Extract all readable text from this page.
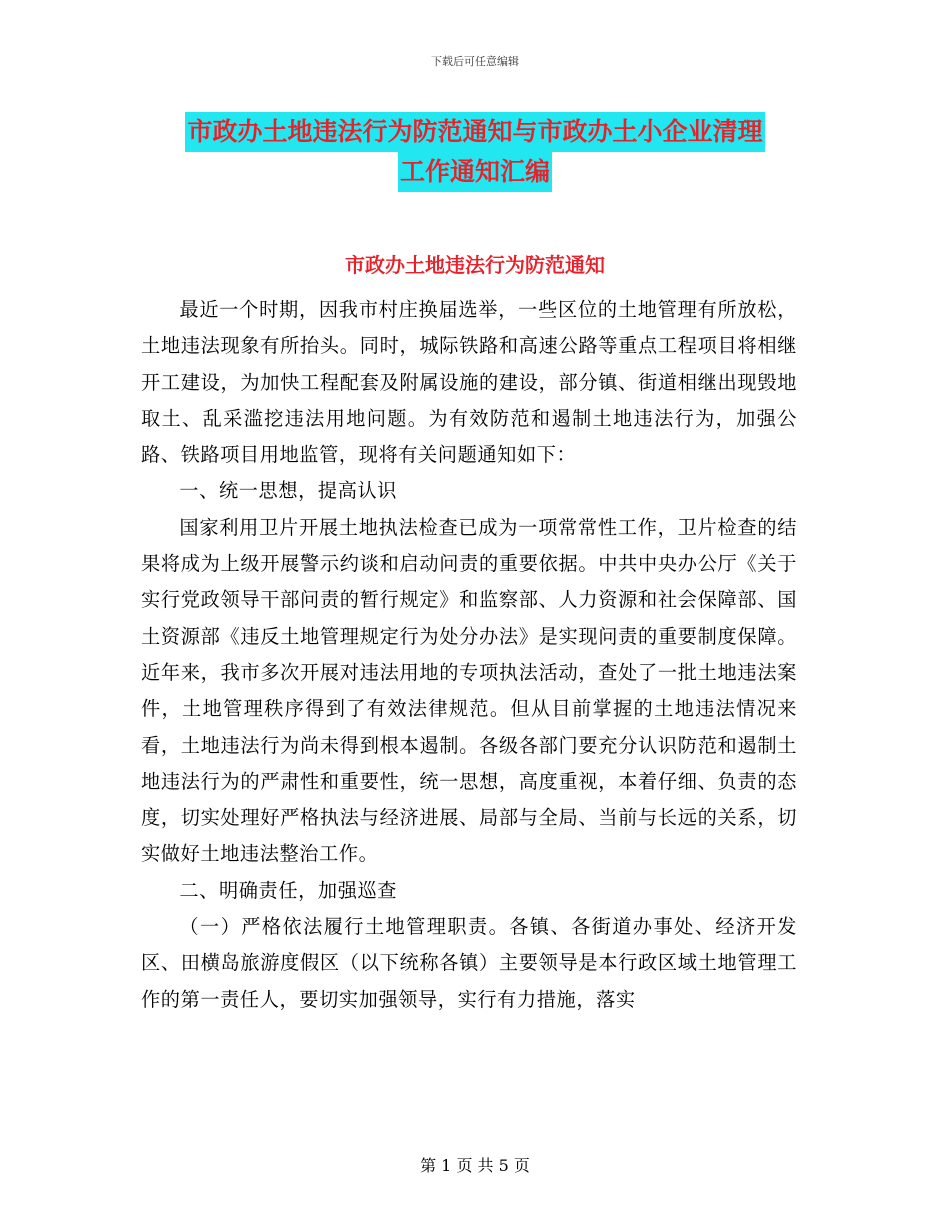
下载后可任意编辑
市政办土地违法行为防范通知与市政办土小企业清理
工作通知汇编
市政办土地违法行为防范通知

最近一个时期，因我市村庄换届选举，一些区位的土地管理有所放松，土地违法现象有所抬头。同时，城际铁路和高速公路等重点工程项目将相继开工建设，为加快工程配套及附属设施的建设，部分镇、街道相继出现毁地取土、乱采滥挖违法用地问题。为有效防范和遏制土地违法行为，加强公路、铁路项目用地监管，现将有关问题通知如下：

一、统一思想，提高认识

国家利用卫片开展土地执法检查已成为一项常常性工作，卫片检查的结果将成为上级开展警示约谈和启动问责的重要依据。中共中央办公厅《关于实行党政领导干部问责的暂行规定》和监察部、人力资源和社会保障部、国土资源部《违反土地管理规定行为处分办法》是实现问责的重要制度保障。近年来，我市多次开展对违法用地的专项执法活动，查处了一批土地违法案件，土地管理秩序得到了有效法律规范。但从目前掌握的土地违法情况来看，土地违法行为尚未得到根本遏制。各级各部门要充分认识防范和遏制土地违法行为的严肃性和重要性，统一思想，高度重视，本着仔细、负责的态度，切实处理好严格执法与经济进展、局部与全局、当前与长远的关系，切实做好土地违法整治工作。

二、明确责任，加强巡查

（一）严格依法履行土地管理职责。各镇、各街道办事处、经济开发区、田横岛旅游度假区（以下统称各镇）主要领导是本行政区域土地管理工作的第一责任人，要切实加强领导，实行有力措施，落实

第 1 页 共 5 页
